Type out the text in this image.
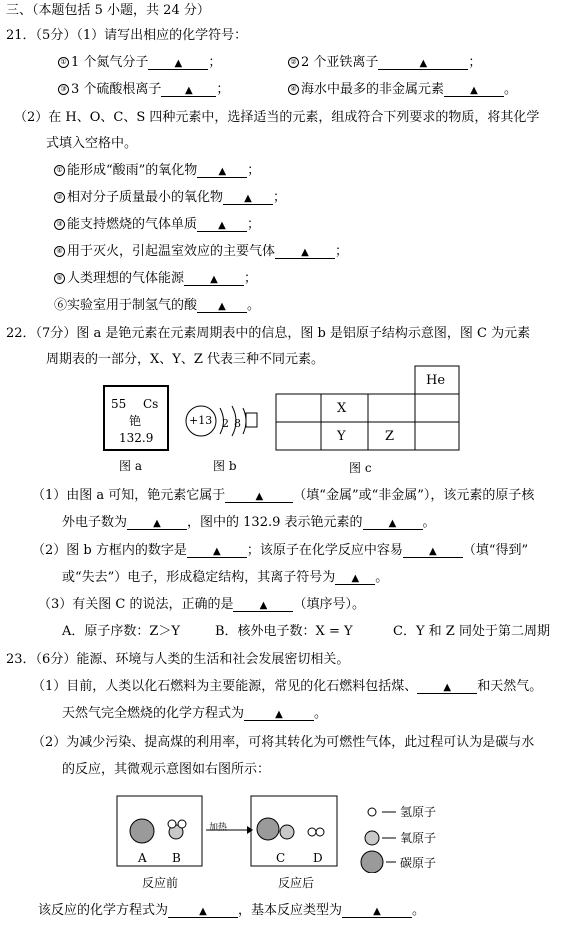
三、（本题包括 5 小题，共 24 分）
21．（5分）（1）请写出相应的化学符号：
① 1 个氮气分子	▲ ；	② 2 个亚铁离子	▲	；
③ 3 个硫酸根离子 ▲ ；	④ 海水中最多的非金属元素	▲ 。
（2）在 H、O、C、S 四种元素中，选择适当的元素，组成符合下列要求的物质，将其化学
式填入空格中。
① 能形成“酸雨”的氧化物 ▲ ；
② 相对分子质量最小的氧化物 ▲ ；
③ 能支持燃烧的气体单质 ▲ ；
④ 用于灭火，引起温室效应的主要气体	▲ ；
⑤ 人类理想的气体能源	▲ ；
⑥实验室用于制氢气的酸 ▲ 。
22．（7分）图 a 是铯元素在元素周期表中的信息，图 b 是铝原子结构示意图，图 C 为元素
周期表的一部分，X、Y、Z 代表三种不同元素。
55 Cs
铯
132.9
图 a
+13 2 8
图 b
He
X
Y	Z
图 c
（1）由图 a 可知，铯元素它属于	▲ （填“金属”或“非金属”），该元素的原子核
外电子数为	▲ ，图中的 132.9 表示铯元素的	▲ 。
（2）图 b 方框内的数字是	▲ ；该原子在化学反应中容易	▲ （填“得到”
或“失去”）电子，形成稳定结构，其离子符号为 ▲ 。
（3）有关图 C 的说法，正确的是	▲ （填序号）。
A．原子序数：Z＞Y	B．核外电子数：X = Y	C．Y 和 Z 同处于第二周期
23．（6分）能源、环境与人类的生活和社会发展密切相关。
（1）目前，人类以化石燃料为主要能源，常见的化石燃料包括煤、	▲ 和天然气。
天然气完全燃烧的化学方程式为	▲ 。
（2）为减少污染、提高煤的利用率，可将其转化为可燃性气体，此过程可认为是碳与水
的反应，其微观示意图如右图所示：
加热
A B	C D
反应前	反应后
氢原子
氧原子
碳原子
该反应的化学方程式为	▲ ，基本反应类型为	▲ 。
